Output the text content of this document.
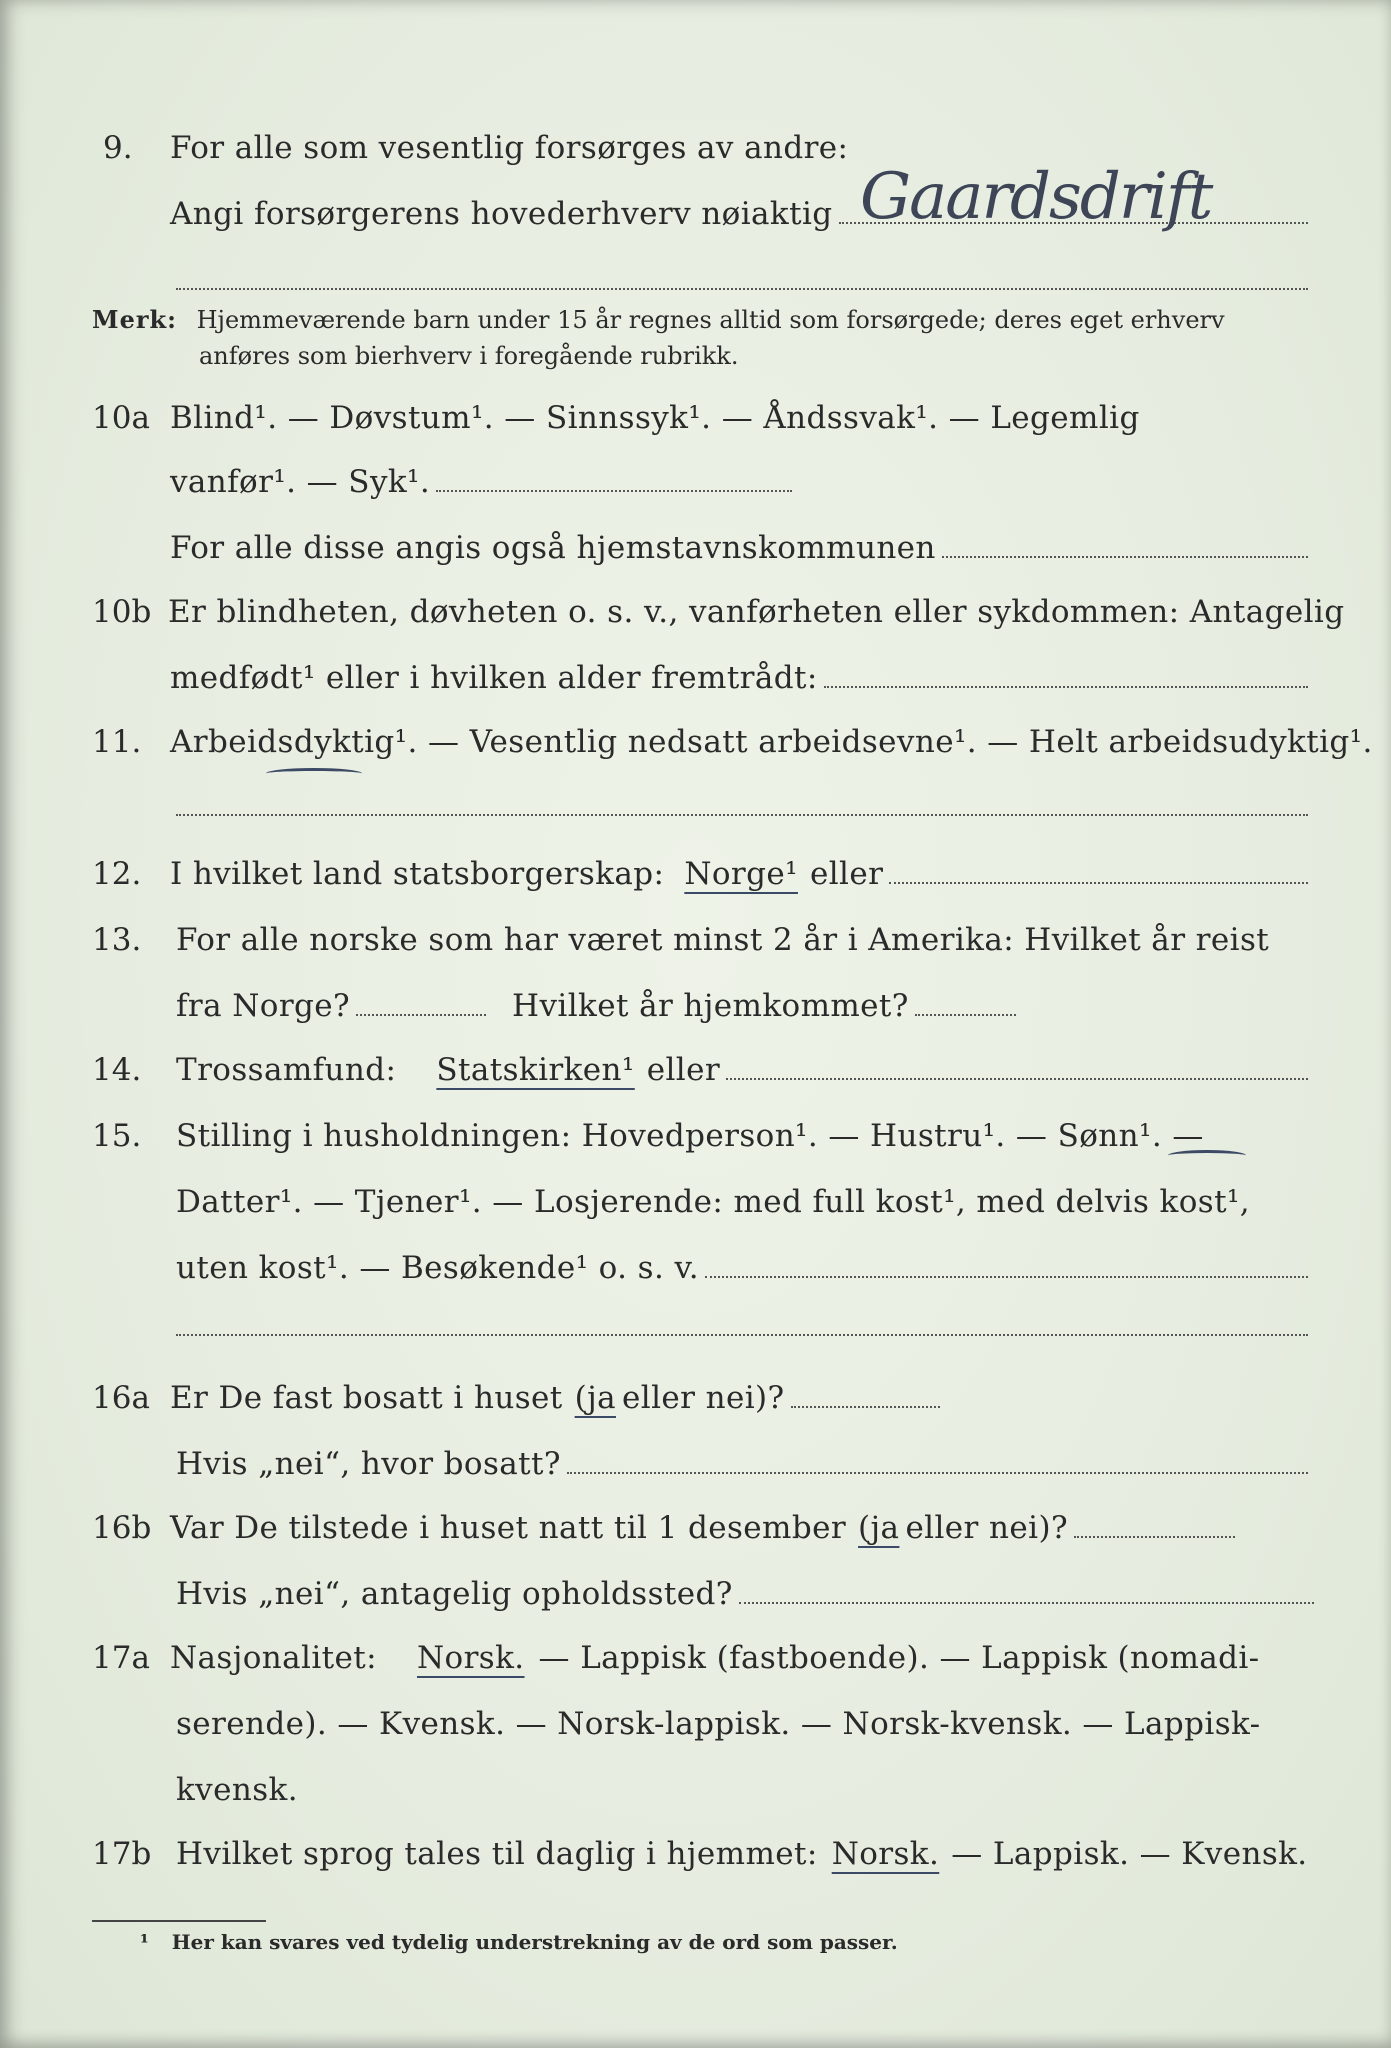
9. For alle som vesentlig forsørges av andre:
Angi forsørgerens hovederhverv nøiaktig Gaardsdrift
Merk: Hjemmeværende barn under 15 år regnes alltid som forsørgede; deres eget erhverv
anføres som bierhverv i foregående rubrikk.
10a Blind¹. — Døvstum¹. — Sinnssyk¹. — Åndssvak¹. — Legemlig
vanfør¹. — Syk¹.
For alle disse angis også hjemstavnskommunen
10b Er blindheten, døvheten o. s. v., vanførheten eller sykdommen: Antagelig
medfødt¹ eller i hvilken alder fremtrådt:
11. Arbeidsdyktig¹. — Vesentlig nedsatt arbeidsevne¹. — Helt arbeidsudyktig¹.
12. I hvilket land statsborgerskap: Norge¹ eller
13. For alle norske som har været minst 2 år i Amerika: Hvilket år reist
fra Norge?	Hvilket år hjemkommet?
14. Trossamfund: Statskirken¹ eller
15. Stilling i husholdningen: Hovedperson¹. — Hustru¹. — Sønn¹. —
Datter¹. — Tjener¹. — Losjerende: med full kost¹, med delvis kost¹,
uten kost¹. — Besøkende¹ o. s. v.
16a Er De fast bosatt i huset (ja eller nei)?
Hvis „nei“, hvor bosatt?
16b Var De tilstede i huset natt til 1 desember (ja eller nei)?
Hvis „nei“, antagelig opholdssted?
17a Nasjonalitet: Norsk. — Lappisk (fastboende). — Lappisk (nomadi-
serende). — Kvensk. — Norsk-lappisk. — Norsk-kvensk. — Lappisk-
kvensk.
17b Hvilket sprog tales til daglig i hjemmet: Norsk. — Lappisk. — Kvensk.
¹ Her kan svares ved tydelig understrekning av de ord som passer.
